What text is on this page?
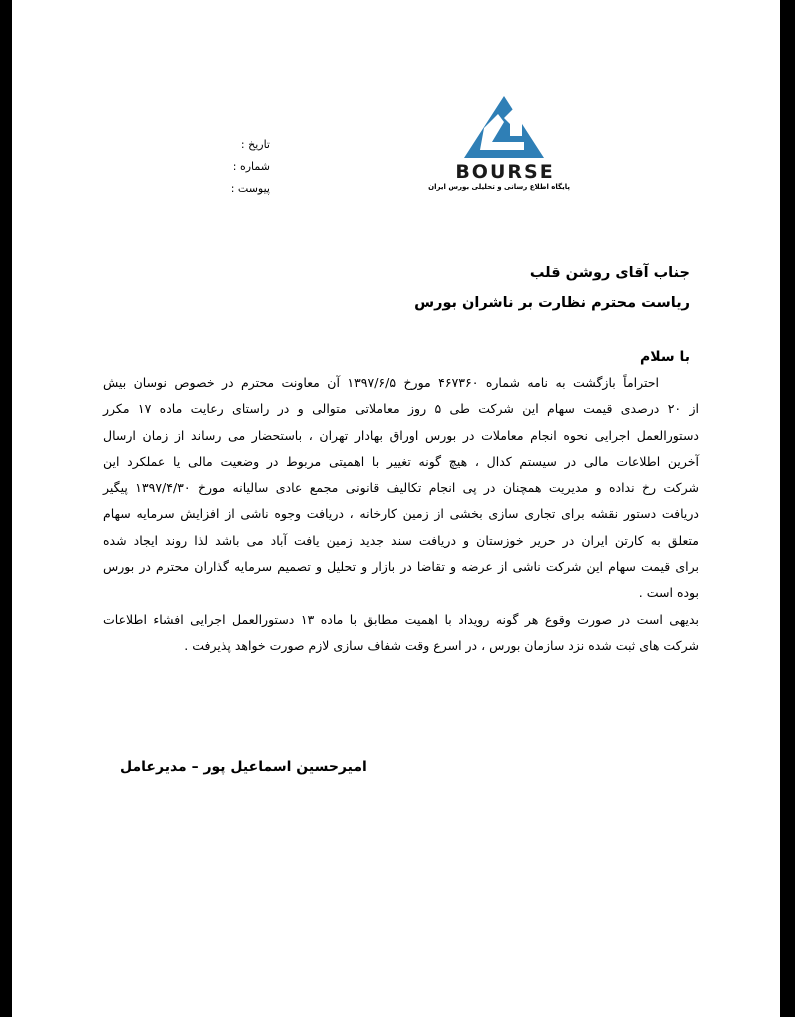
تاریخ :
شماره :
پیوست :
BOURSE
پایگاه اطلاع رسانی و تحلیلی بورس ایران
جناب آقای روشن قلب
ریاست محترم نظارت بر ناشران بورس
با سلام
احتراماً بازگشت به نامه شماره ۴۶۷۳۶۰ مورخ ۱۳۹۷/۶/۵ آن معاونت محترم در خصوص نوسان بیش
از ۲۰ درصدی قیمت سهام این شرکت طی ۵ روز معاملاتی متوالی و در راستای رعایت ماده ۱۷ مکرر
دستورالعمل اجرایی نحوه انجام معاملات در بورس اوراق بهادار تهران ، باستحضار می رساند از زمان ارسال
آخرین اطلاعات مالی در سیستم کدال ، هیچ گونه تغییر با اهمیتی مربوط در وضعیت مالی یا عملکرد این
شرکت رخ نداده و مدیریت همچنان در پی انجام تکالیف قانونی مجمع عادی سالیانه مورخ ۱۳۹۷/۴/۳۰ پیگیر
دریافت دستور نقشه برای تجاری سازی بخشی از زمین کارخانه ، دریافت وجوه ناشی از افزایش سرمایه سهام
متعلق به کارتن ایران در حریر خوزستان و دریافت سند جدید زمین یافت آباد می باشد لذا روند ایجاد شده
برای قیمت سهام این شرکت ناشی از عرضه و تقاضا در بازار و تحلیل و تصمیم سرمایه گذاران محترم در بورس
بوده است .
بدیهی است در صورت وقوع هر گونه رویداد با اهمیت مطابق با ماده ۱۳ دستورالعمل اجرایی افشاء اطلاعات
شرکت های ثبت شده نزد سازمان بورس ، در اسرع وقت شفاف سازی لازم صورت خواهد پذیرفت .
امیرحسین اسماعیل پور – مدیرعامل
